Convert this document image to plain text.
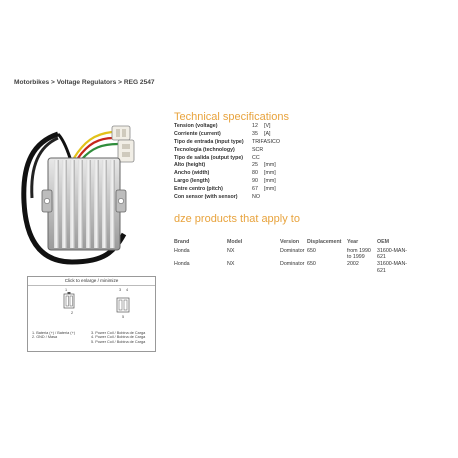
Motorbikes > Voltage Regulators > REG 2547
Technical specifications
Tension (voltage)	12	[V]
Corriente (current)	35	[A]
Tipo de entrada (input type)	TRIFASICO
Tecnologia (technology)	SCR
Tipo de salida (output type)	CC
Alto (height)	25	[mm]
Ancho (width)	80	[mm]
Largo (length)	90	[mm]
Entre centro (pitch)	67	[mm]
Con sensor (with sensor)	NO
dze products that apply to
Brand	Model	Version	Displacement	Year	OEM
Honda	NX	Dominator 650	from 1990 to 1999
31600-MAN-621
Honda	NX	Dominator 650	2002	31600-MAN-621
Click to enlarge / minimize
1
2
3 4
5
1. Bateria (+) / Bateria (+)
2. GND / Masa
3. Power Coil / Bobina de Carga
4. Power Coil / Bobina de Carga
5. Power Coil / Bobina de Carga
